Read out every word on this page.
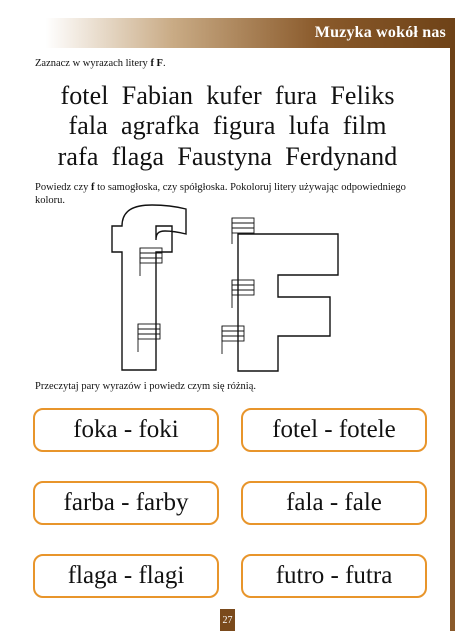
Muzyka wokół nas
Zaznacz w wyrazach litery f F.
fotel  Fabian  kufer  fura  Feliks
fala  agrafka  figura  lufa  film
rafa  flaga  Faustyna  Ferdynand
Powiedz czy f to samogłoska, czy spółgłoska. Pokoloruj litery używając odpowiedniego
koloru.
Przeczytaj pary wyrazów i powiedz czym się różnią.
foka - foki	fotel - fotele
farba - farby	fala - fale
flaga - flagi	futro - futra
27
